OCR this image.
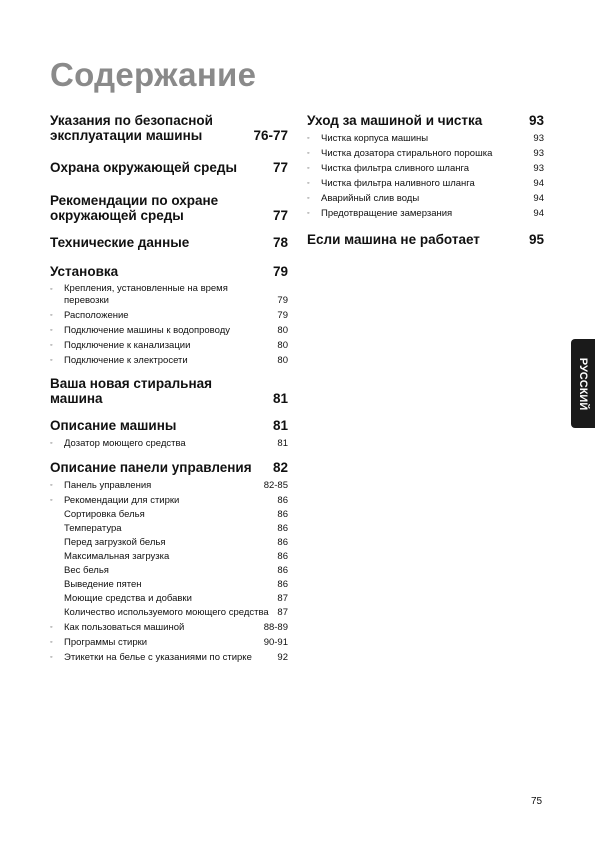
Содержание
Указания по безопасной эксплуатации машины	76-77
Охрана окружающей среды	77
Рекомендации по охране окружающей среды	77
Технические данные	78
Установка	79
◦	Крепления, установленные на время перевозки	79
◦	Расположение	79
◦	Подключение машины к водопроводу	80
◦	Подключение к канализации	80
◦	Подключение к электросети	80
Ваша новая стиральная машина	81
Описание машины	81
◦	Дозатор моющего средства	81
Описание панели управления	82
◦	Панель управления	82-85
◦	Рекомендации для стирки	86
Сортировка белья	86
Температура	86
Перед загрузкой белья	86
Максимальная загрузка	86
Вес белья	86
Выведение пятен	86
Моющие средства и добавки	87
Количество используемого моющего средства 87
◦	Как пользоваться машиной	88-89
◦	Программы стирки	90-91
◦	Этикетки на белье с указаниями по стирке	92
Уход за машиной и чистка	93
◦	Чистка корпуса машины	93
◦	Чистка дозатора стирального порошка	93
◦	Чистка фильтра сливного шланга	93
◦	Чистка фильтра наливного шланга	94
◦	Аварийный слив воды	94
◦	Предотвращение замерзания	94
Если машина не работает	95
РУССКИЙ
75
